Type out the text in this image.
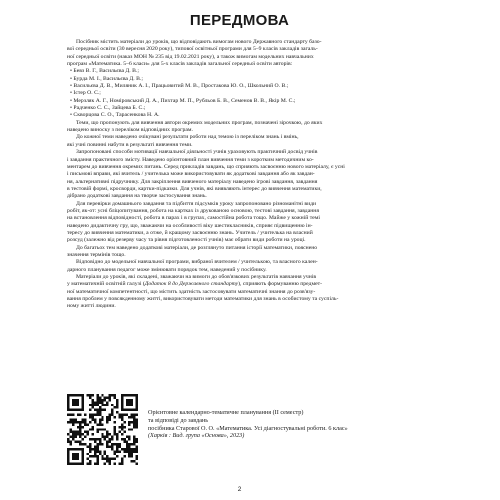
ПЕРЕДМОВА
Посібник містить матеріали до уроків, що відповідають вимогам нового Державного стандарту базо-
вої середньої освіти (30 вересня 2020 року), типової освітньої програми для 5–9 класів закладів загаль-
ної середньої освіти (наказ МОН № 235 від 19.02.2021 року), а також вимогам модельних навчальних
програм «Математика. 5–6 класи» для 5-х класів закладів загальної середньої освіти авторів:
• Бевз В. Г., Васильєва Д. В.;
• Бурда М. І., Васильєва Д. В.;
• Васильєва Д. В., Миляник А. І., Працьовитий М. В., Простакова Ю. О., Школьний О. В.;
• Істер О. С.;
• Мерзляк А. Г., Номіровський Д. А., Пихтар М. П., Рубльов Б. В., Семенов В. В., Якір М. С.;
• Радченко С. С., Зайцева Б. С.;
• Скворцова С. О., Тарасенкова Н. А.
Теми, що пропонують для вивчення автори окремих модельних програм, позначені зірочкою, до яких
наведено виноску з переліком відповідних програм.
До кожної теми наведено очікувані результати роботи над темою із переліком знань і вмінь,
які учні повинні набути в результаті вивчення теми.
Запропоновані способи мотивації навчальної діяльності учнів ураховують практичний досвід учнів
і завдання практичного змісту. Наведено орієнтовний план вивчення теми з коротким методичним ко-
ментарем до вивчення окремих питань. Серед прикладів завдань, що сприяють засвоєнню нового матеріалу, є усні
і письмові вправи, які вчитель / учителька може використовувати як додаткові завдання або як завдан-
ня, альтернативні підручнику. Для закріплення вивченого матеріалу наведено ігрові завдання, завдання
в тестовій формі, кросворди, картки-підказки. Для учнів, які виявляють інтерес до вивчення математики,
дібрано додаткові завдання на творче застосування знань.
Для перевірки домашнього завдання та підбиття підсумків уроку запропоновано різноманітні види
робіт, як-от: усні бліцопитування, робота на картках із друкованою основою, тестові завдання, завдання
на встановлення відповідності, робота в парах і в групах, самостійна робота тощо. Майже у кожній темі
наведено дидактичну гру, що, зважаючи на особливості віку шестикласників, сприяє підвищенню ін-
тересу до вивчення математики, а отже, й кращому засвоєнню знань. Учитель / учителька на власний
розсуд (залежно від резерву часу та рівня підготовленості учнів) має обрати види роботи на уроці.
До багатьох тем наведено додаткові матеріали, де розглянуто питання історії математики, пояснено
значення термінів тощо.
Відповідно до модельної навчальної програми, вибраної вчителем / учителькою, та власного кален-
дарного планування педагог може змінювати порядок тем, наведений у посібнику.
Матеріали до уроків, які складені, зважаючи на вимоги до обов'язкових результатів навчання учнів
у математичній освітній галузі (Додаток 8 до Державного стандарту), сприяють формуванню предмет-
ної математичної компетентності, що містить здатність застосовувати математичні знання до розв'язу-
вання проблем у повсякденному житті, використовувати методи математики для знань в особистому та суспіль-
ному житті людини.
Орієнтовне календарно-тематичне планування (ІІ семестр)
та відповіді до завдань
посібника Старової О. О. «Математика. Усі діагностувальні роботи. 6 клас»
(Харків : Вид. група «Основа», 2023)
2
